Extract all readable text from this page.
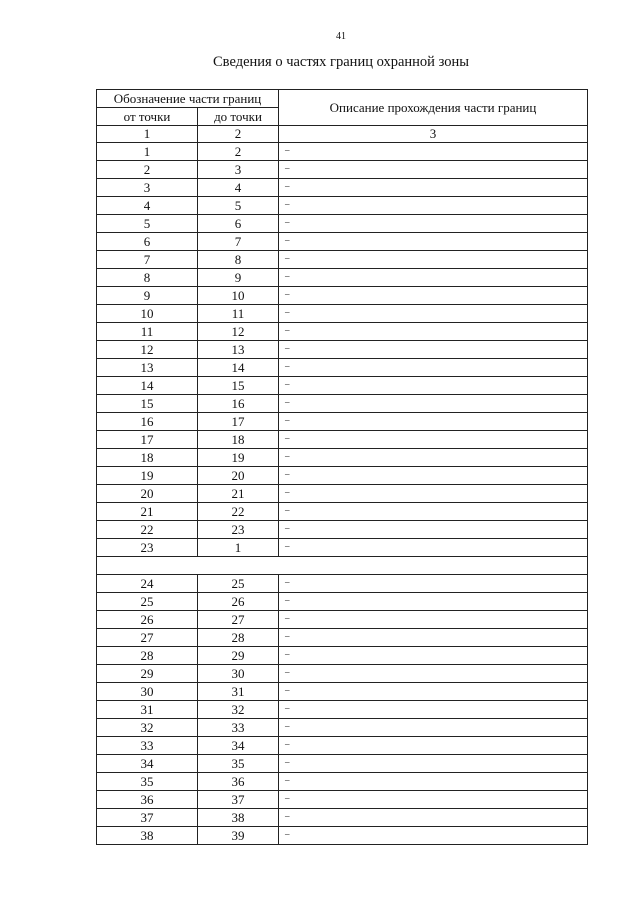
41
Сведения о частях границ охранной зоны
Обозначение части границ		Описание прохождения части границ
от точки	до точки	
1	2	3
1	2	–
2	3	–
3	4	–
4	5	–
5	6	–
6	7	–
7	8	–
8	9	–
9	10	–
10	11	–
11	12	–
12	13	–
13	14	–
14	15	–
15	16	–
16	17	–
17	18	–
18	19	–
19	20	–
20	21	–
21	22	–
22	23	–
23	1	–

24	25	–
25	26	–
26	27	–
27	28	–
28	29	–
29	30	–
30	31	–
31	32	–
32	33	–
33	34	–
34	35	–
35	36	–
36	37	–
37	38	–
38	39	–
